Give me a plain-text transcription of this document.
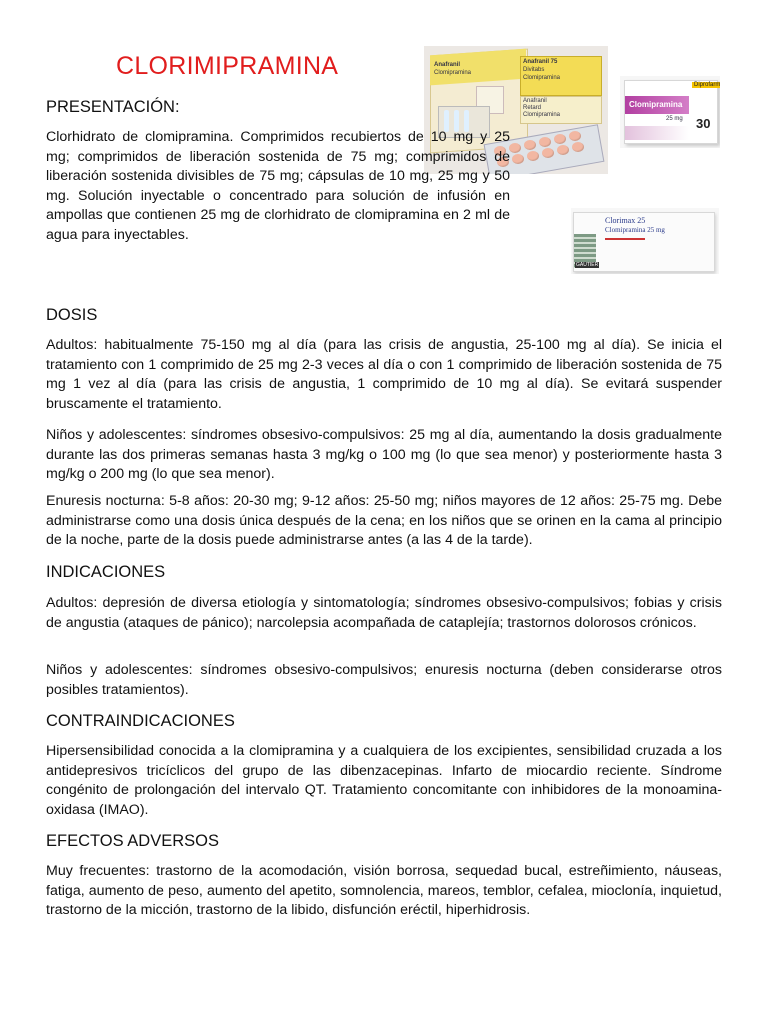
CLORIMIPRAMINA	Anafranil
Clomipramina
Anafranil 75
Divitabs
Clomipramina
Anafranil
Retard
Clomipramina
Clomipramina
25 mg
Diprofarm
30
GAUTIER
Clorimax 25
Clomipramina 25 mg
PRESENTACIÓN:

Clorhidrato de clomipramina. Comprimidos recubiertos de 10 mg y 25 mg; comprimidos de liberación sostenida de 75 mg; comprimidos de liberación sostenida divisibles de 75 mg; cápsulas de 10 mg, 25 mg y 50 mg. Solución inyectable o concentrado para solución de infusión en ampollas que contienen 25 mg de clorhidrato de clomipramina en 2 ml de agua para inyectables.

DOSIS

Adultos: habitualmente 75-150 mg al día (para las crisis de angustia, 25-100 mg al día). Se inicia el tratamiento con 1 comprimido de 25 mg 2-3 veces al día o con 1 comprimido de liberación sostenida de 75 mg 1 vez al día (para las crisis de angustia, 1 comprimido de 10 mg al día). Se evitará suspender bruscamente el tratamiento.

Niños y adolescentes: síndromes obsesivo-compulsivos: 25 mg al día, aumentando la dosis gradualmente durante las dos primeras semanas hasta 3 mg/kg o 100 mg (lo que sea menor) y posteriormente hasta 3 mg/kg o 200 mg (lo que sea menor).

Enuresis nocturna: 5-8 años: 20-30 mg; 9-12 años: 25-50 mg; niños mayores de 12 años: 25-75 mg. Debe administrarse como una dosis única después de la cena; en los niños que se orinen en la cama al principio de la noche, parte de la dosis puede administrarse antes (a las 4 de la tarde).

INDICACIONES

Adultos: depresión de diversa etiología y sintomatología; síndromes obsesivo-compulsivos; fobias y crisis de angustia (ataques de pánico); narcolepsia acompañada de cataplejía; trastornos dolorosos crónicos.

Niños y adolescentes: síndromes obsesivo-compulsivos; enuresis nocturna (deben considerarse otros posibles tratamientos).

CONTRAINDICACIONES

Hipersensibilidad conocida a la clomipramina y a cualquiera de los excipientes, sensibilidad cruzada a los antidepresivos tricíclicos del grupo de las dibenzacepinas. Infarto de miocardio reciente. Síndrome congénito de prolongación del intervalo QT. Tratamiento concomitante con inhibidores de la monoamina-oxidasa (IMAO).

EFECTOS ADVERSOS

Muy frecuentes: trastorno de la acomodación, visión borrosa, sequedad bucal, estreñimiento, náuseas, fatiga, aumento de peso, aumento del apetito, somnolencia, mareos, temblor, cefalea, mioclonía, inquietud, trastorno de la micción, trastorno de la libido, disfunción eréctil, hiperhidrosis.
